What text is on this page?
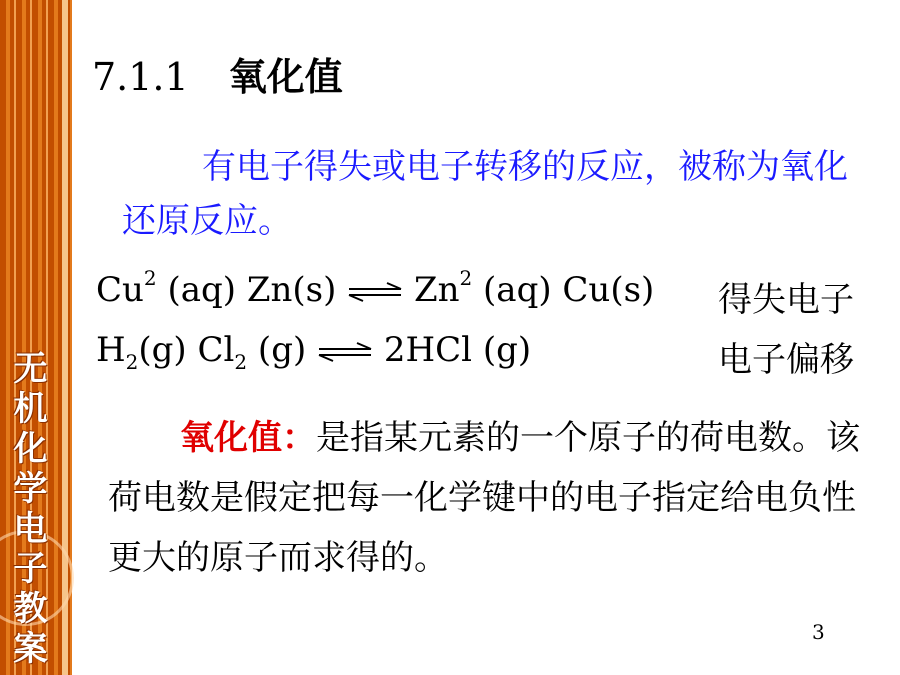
无机化学电子教案
7.1.1 氧化值
有电子得失或电子转移的反应，被称为氧化还原反应。
Cu$^2$ (aq) Zn(s) ⇌ Zn$^2$ (aq) Cu(s) 得失电子
$H_2(g)$ $Cl_2$ (g) ⇌ 2HCl (g)	电子偏移
氧化值：是指某元素的一个原子的荷电数。该荷电数是假定把每一化学键中的电子指定给电负性更大的原子而求得的。
3
